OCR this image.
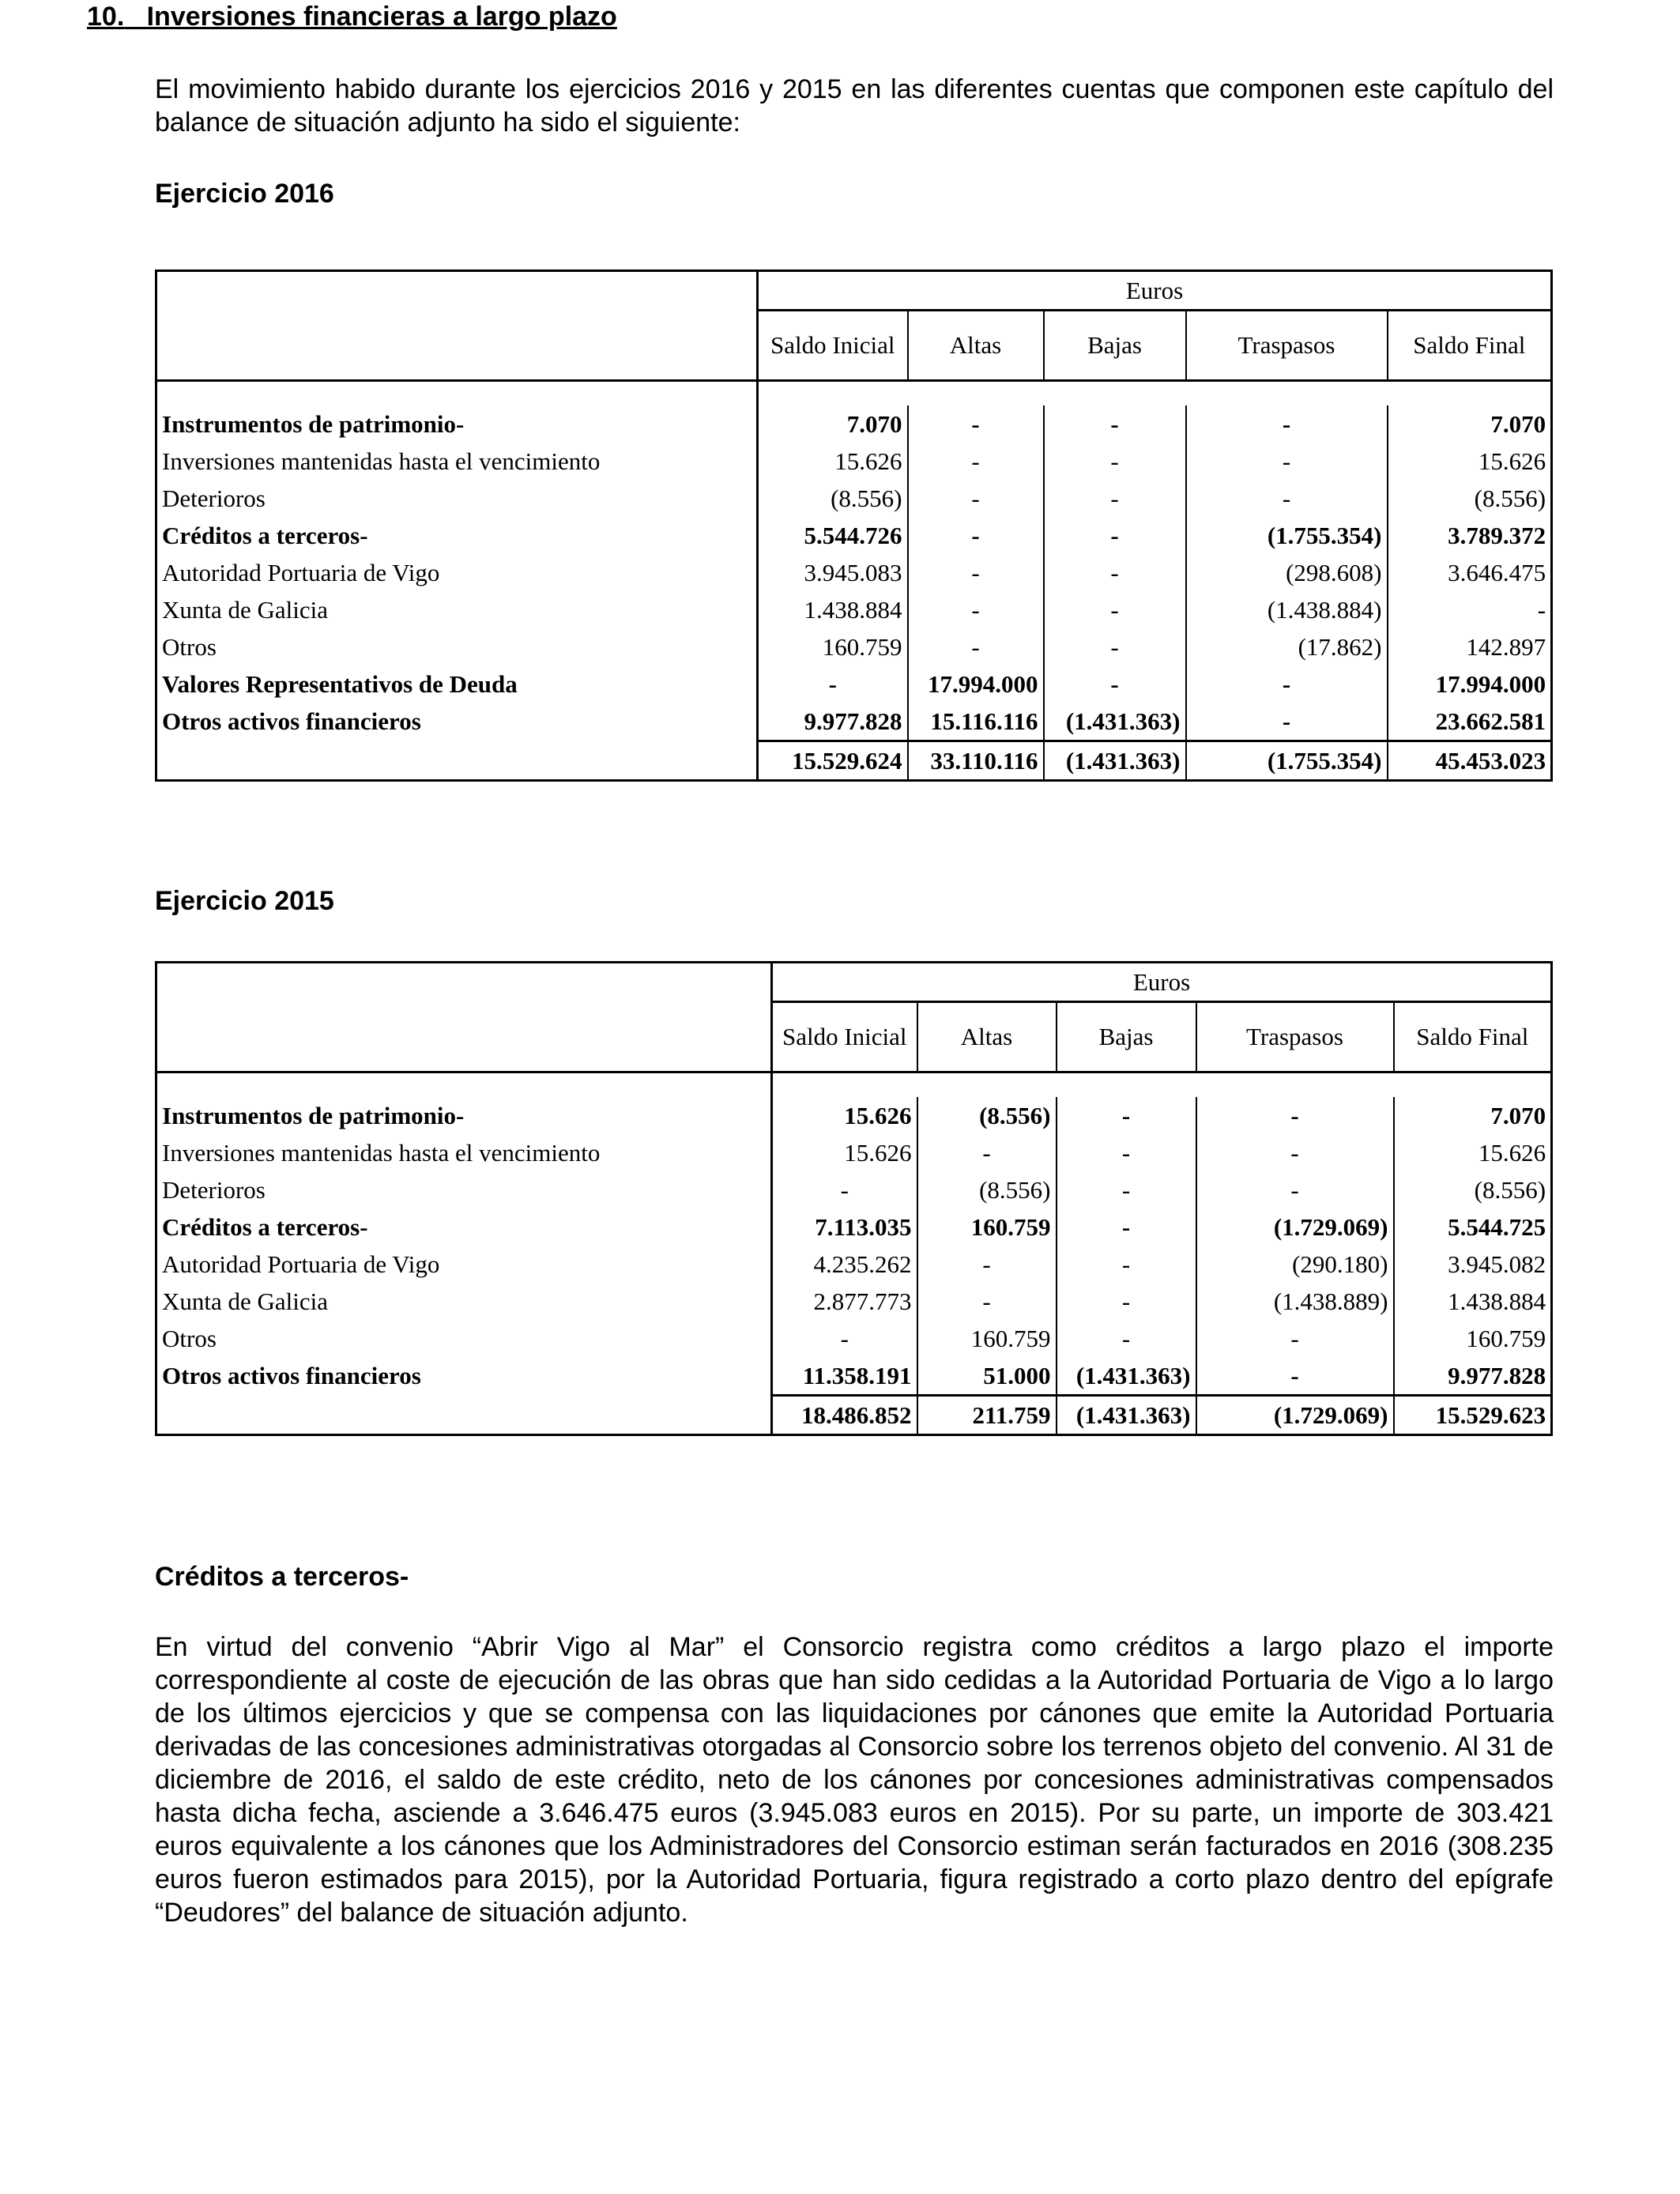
10. Inversiones financieras a largo plazo
El movimiento habido durante los ejercicios 2016 y 2015 en las diferentes cuentas que componen este capítulo del balance de situación adjunto ha sido el siguiente:
Ejercicio 2016
	Euros				
	Saldo Inicial	Altas	Bajas	Traspasos	Saldo Final

Instrumentos de patrimonio-	7.070	-	-	-	7.070
Inversiones mantenidas hasta el vencimiento	15.626	-	-	-	15.626
Deterioros	(8.556)	-	-	-	(8.556)
Créditos a terceros-	5.544.726	-	-	(1.755.354)	3.789.372
Autoridad Portuaria de Vigo	3.945.083	-	-	(298.608)	3.646.475
Xunta de Galicia	1.438.884	-	-	(1.438.884)	-
Otros	160.759	-	-	(17.862)	142.897
Valores Representativos de Deuda	-	17.994.000	-	-	17.994.000
Otros activos financieros	9.977.828	15.116.116	(1.431.363)	-	23.662.581
	15.529.624	33.110.116	(1.431.363)	(1.755.354)	45.453.023
Ejercicio 2015
	Euros				
	Saldo Inicial	Altas	Bajas	Traspasos	Saldo Final

Instrumentos de patrimonio-	15.626	(8.556)	-	-	7.070
Inversiones mantenidas hasta el vencimiento	15.626	-	-	-	15.626
Deterioros	-	(8.556)	-	-	(8.556)
Créditos a terceros-	7.113.035	160.759	-	(1.729.069)	5.544.725
Autoridad Portuaria de Vigo	4.235.262	-	-	(290.180)	3.945.082
Xunta de Galicia	2.877.773	-	-	(1.438.889)	1.438.884
Otros	-	160.759	-	-	160.759
Otros activos financieros	11.358.191	51.000	(1.431.363)	-	9.977.828
	18.486.852	211.759	(1.431.363)	(1.729.069)	15.529.623
Créditos a terceros-
En virtud del convenio “Abrir Vigo al Mar” el Consorcio registra como créditos a largo plazo el importe correspondiente al coste de ejecución de las obras que han sido cedidas a la Autoridad Portuaria de Vigo a lo largo de los últimos ejercicios y que se compensa con las liquidaciones por cánones que emite la Autoridad Portuaria derivadas de las concesiones administrativas otorgadas al Consorcio sobre los terrenos objeto del convenio. Al 31 de diciembre de 2016, el saldo de este crédito, neto de los cánones por concesiones administrativas compensados hasta dicha fecha, asciende a 3.646.475 euros (3.945.083 euros en 2015). Por su parte, un importe de 303.421 euros equivalente a los cánones que los Administradores del Consorcio estiman serán facturados en 2016 (308.235 euros fueron estimados para 2015), por la Autoridad Portuaria, figura registrado a corto plazo dentro del epígrafe “Deudores” del balance de situación adjunto.
